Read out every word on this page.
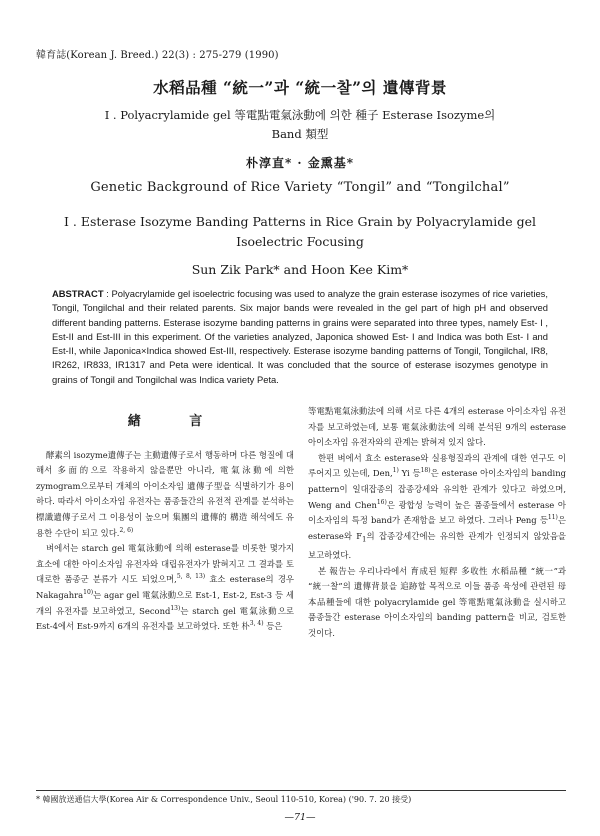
韓育誌(Korean J. Breed.) 22(3) : 275-279 (1990)
水稻品種 “統一”과 “統一찰”의 遺傳背景
I . Polyacrylamide gel 等電點電氣泳動에 의한 種子 Esterase Isozyme의
Band 類型
朴淳直* · 金熏基*
Genetic Background of Rice Variety “Tongil” and “Tongilchal”
I . Esterase Isozyme Banding Patterns in Rice Grain by Polyacrylamide gel
Isoelectric Focusing
Sun Zik Park* and Hoon Kee Kim*
ABSTRACT : Polyacrylamide gel isoelectric focusing was used to analyze the grain esterase isozymes of rice varieties, Tongil, Tongilchal and their related parents. Six major bands were revealed in the gel part of high pH and observed different banding patterns. Esterase isozyme banding patterns in grains were separated into three types, namely Est- I , Est-II and Est-III in this experiment. Of the varieties analyzed, Japonica showed Est- I and Indica was both Est- I and Est-II, while Japonica×Indica showed Est-III, respectively. Esterase isozyme banding patterns of Tongil, Tongilchal, IR8, IR262, IR833, IR1317 and Peta were identical. It was concluded that the source of esterase isozymes genotype in grains of Tongil and Tongilchal was Indica variety Peta.
緖 言

酵素의 isozyme遺傳子는 主動遺傳子로서 행동하며 다른 형질에 대해서 多面的으로 작용하지 않을뿐만 아니라, 電氣泳動에 의한 zymogram으로부터 개체의 아이소자임 遺傳子型을 식별하기가 용이하다. 따라서 아이소자임 유전자는 품종들간의 유전적 관계를 분석하는 標識遺傳子로서 그 이용성이 높으며 集團의 遺傳的 構造 해석에도 유용한 수단이 되고 있다.$^{2, 6)}$

벼에서는 starch gel 電氣泳動에 의해 esterase를 비롯한 몇가지 효소에 대한 아이소자임 유전자와 대립유전자가 밝혀지고 그 결과를 토대로한 품종군 분류가 시도 되었으며,$^{5, 8, 13)}$ 효소 esterase의 경우 Nakagahra$^{10)}$는 agar gel 電氣泳動으로 Est-1, Est-2, Est-3 등 세개의 유전자를 보고하였고, Second$^{13)}$는 starch gel 電氣泳動으로 Est-4에서 Est-9까지 6개의 유전자를 보고하였다. 또한 朴$^{3, 4)}$ 등은

等電點電氣泳動法에 의해 서로 다른 4개의 esterase 아이소자임 유전자를 보고하였는데, 보통 電氣泳動法에 의해 분석된 9개의 esterase 아이소자임 유전자와의 관계는 밝혀져 있지 않다.

한편 벼에서 효소 esterase와 실용형질과의 관계에 대한 연구도 이루어지고 있는데, Den,$^{1)}$ Yi 등$^{18)}$은 esterase 아이소자임의 banding pattern이 일대잡종의 잡종강세와 유의한 관계가 있다고 하였으며, Weng and Chen$^{16)}$은 광합성 능력이 높은 품종들에서 esterase 아이소자임의 특정 band가 존재함을 보고 하였다. 그러나 Peng 등$^{11)}$은 esterase와 $F_1$의 잡종강세간에는 유의한 관계가 인정되지 않았음을 보고하였다.

본 報告는 우리나라에서 育成된 短稈 多收性 水稻品種 “統一”과 “統一찰”의 遺傳背景을 追跡할 목적으로 이들 품종 육성에 관련된 母本品種들에 대한 polyacrylamide gel 等電點電氣泳動을 실시하고 품종들간 esterase 아이소자임의 banding pattern을 비교, 검토한 것이다.

* 韓國放送通信大學(Korea Air & Correspondence Univ., Seoul 110-510, Korea) ('90. 7. 20 接受)
—71—
